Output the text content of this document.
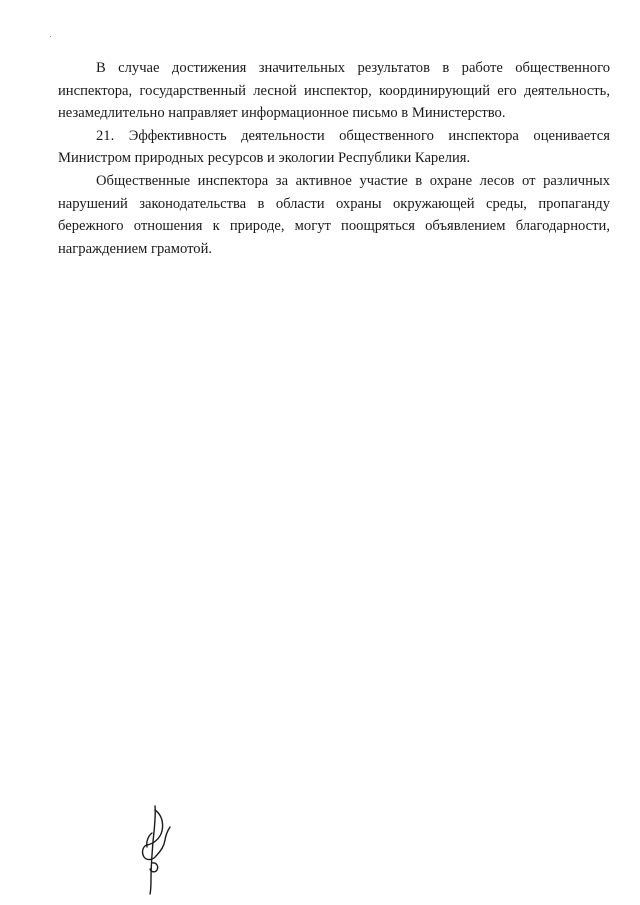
В случае достижения значительных результатов в работе общественного инспектора, государственный лесной инспектор, координирующий его деятельность, незамедлительно направляет информационное письмо в Министерство.

21. Эффективность деятельности общественного инспектора оценивается Министром природных ресурсов и экологии Республики Карелия.

Общественные инспектора за активное участие в охране лесов от различных нарушений законодательства в области охраны окружающей среды, пропаганду бережного отношения к природе, могут поощряться объявлением благодарности, награждением грамотой.
